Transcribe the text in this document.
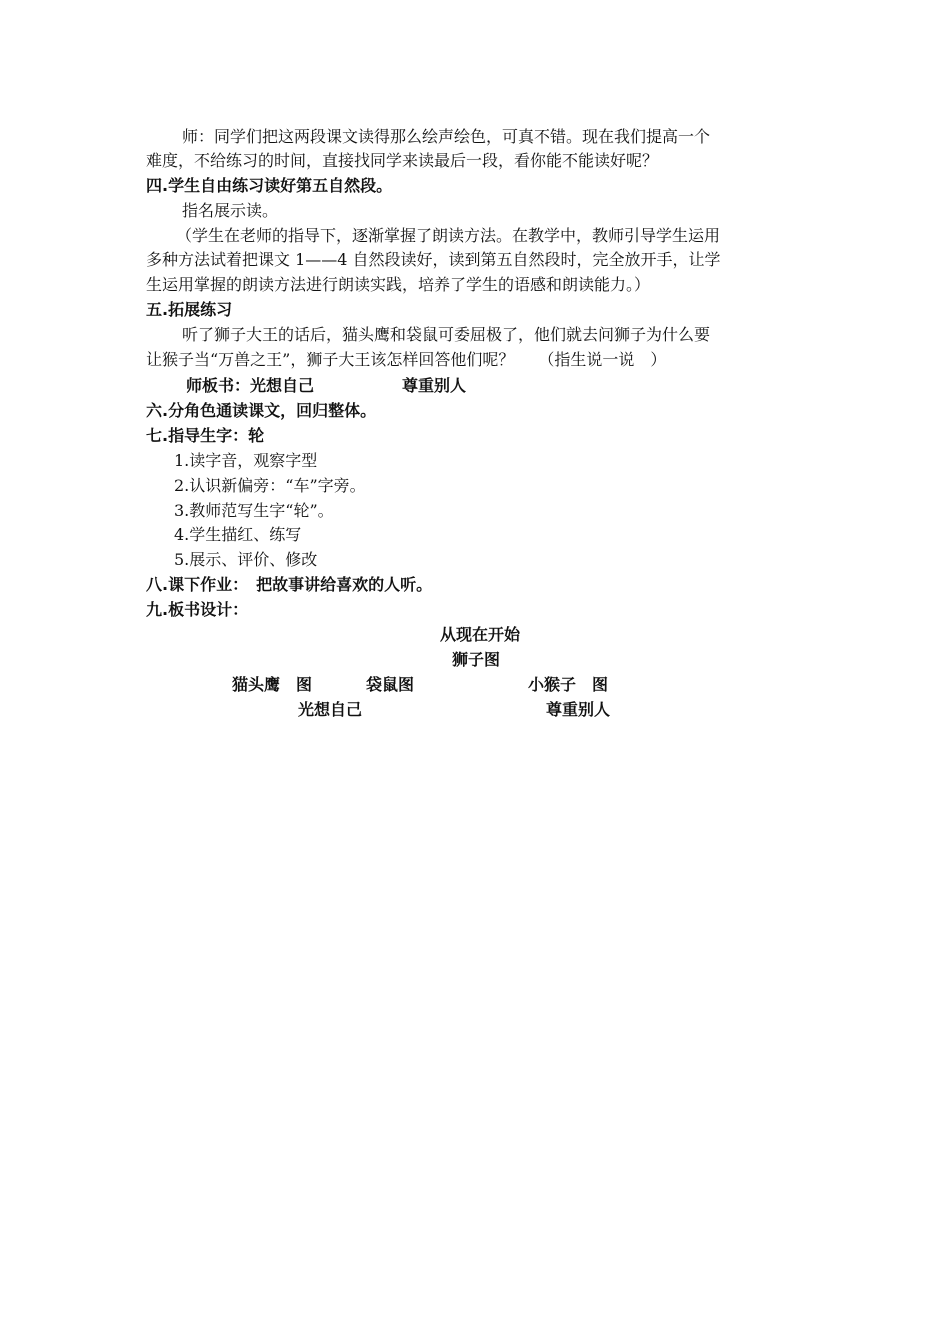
师：同学们把这两段课文读得那么绘声绘色，可真不错。现在我们提高一个
难度，不给练习的时间，直接找同学来读最后一段，看你能不能读好呢？
四.学生自由练习读好第五自然段。
指名展示读。
（学生在老师的指导下，逐渐掌握了朗读方法。在教学中，教师引导学生运用
多种方法试着把课文 1——4 自然段读好，读到第五自然段时，完全放开手，让学
生运用掌握的朗读方法进行朗读实践，培养了学生的语感和朗读能力。）
五.拓展练习
听了狮子大王的话后，猫头鹰和袋鼠可委屈极了，他们就去问狮子为什么要
让猴子当“万兽之王”，狮子大王该怎样回答他们呢？　　（指生说一说　）
师板书：光想自己	尊重别人
六.分角色通读课文，回归整体。
七.指导生字：轮
1.读字音，观察字型
2.认识新偏旁：“车”字旁。
3.教师范写生字“轮”。
4.学生描红、练写
5.展示、评价、修改
八.课下作业：　把故事讲给喜欢的人听。
九.板书设计：
从现在开始
狮子图
猫头鹰　图	袋鼠图	小猴子　图
光想自己	尊重别人
